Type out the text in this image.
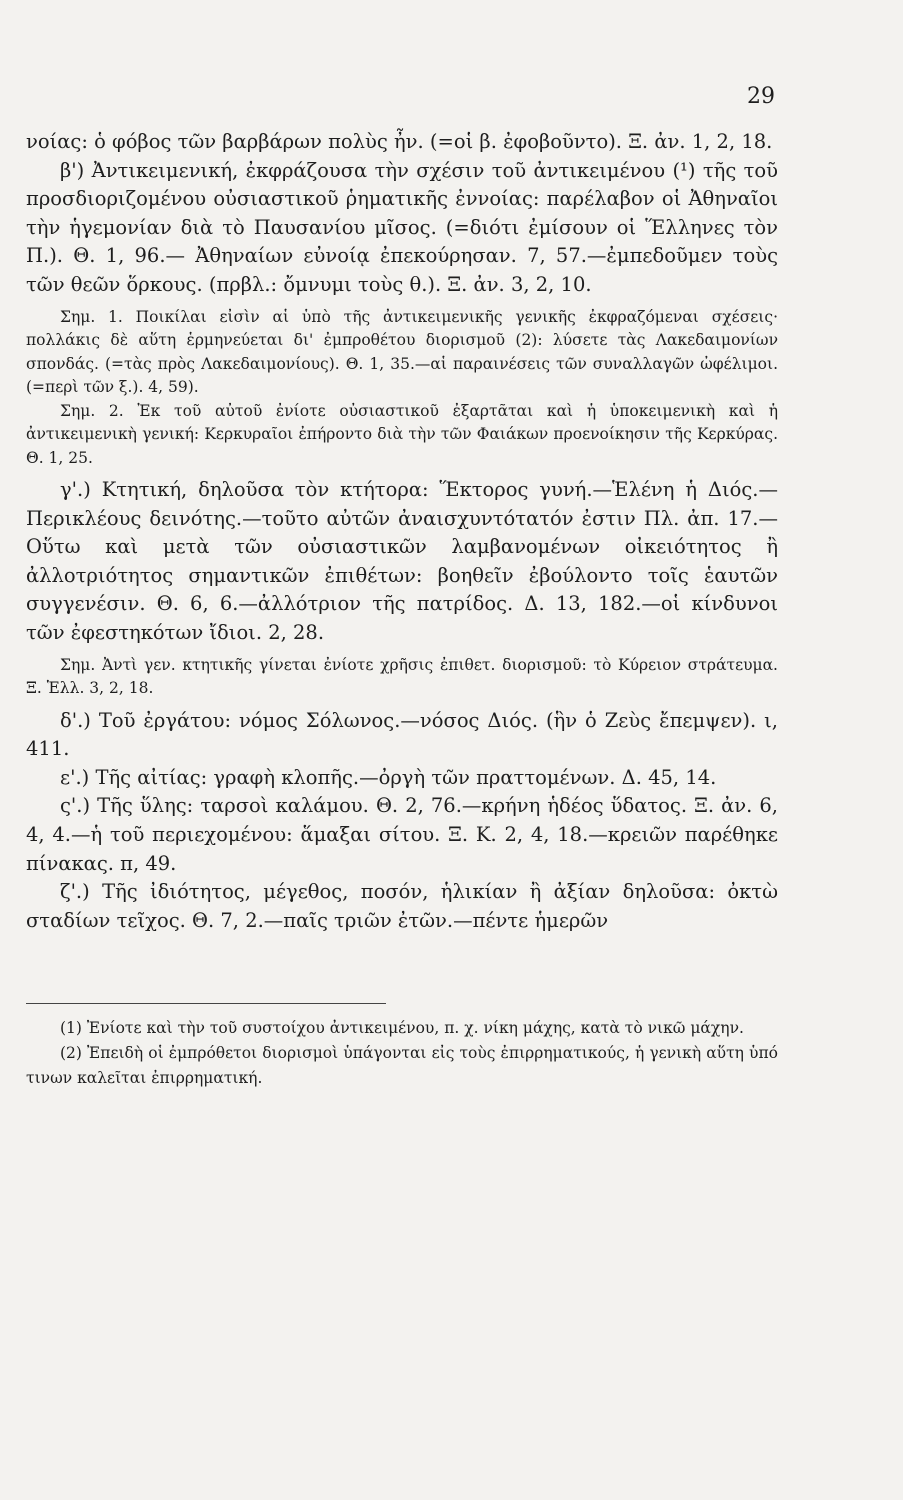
29

νοίας: ὁ φόβος τῶν βαρβάρων πολὺς ἦν. (=οἱ β. ἐφοβοῦντο). Ξ. ἀν. 1, 2, 18.

β') Ἀντικειμενική, ἐκφράζουσα τὴν σχέσιν τοῦ ἀντικειμένου (¹) τῆς τοῦ προσδιοριζομένου οὐσιαστικοῦ ῥηματικῆς ἐννοίας: παρέλαβον οἱ Ἀθηναῖοι τὴν ἡγεμονίαν διὰ τὸ Παυσανίου μῖσος. (=διότι ἐμίσουν οἱ Ἕλληνες τὸν Π.). Θ. 1, 96.— Ἀθηναίων εὐνοίᾳ ἐπεκούρησαν. 7, 57.—ἐμπεδοῦμεν τοὺς τῶν θεῶν ὅρκους. (πρβλ.: ὄμνυμι τοὺς θ.). Ξ. ἀν. 3, 2, 10.

Σημ. 1. Ποικίλαι εἰσὶν αἱ ὑπὸ τῆς ἀντικειμενικῆς γενικῆς ἐκφραζόμεναι σχέσεις· πολλάκις δὲ αὕτη ἑρμηνεύεται δι' ἐμπροθέτου διορισμοῦ (2): λύσετε τὰς Λακεδαιμονίων σπονδάς. (=τὰς πρὸς Λακεδαιμονίους). Θ. 1, 35.—αἱ παραινέσεις τῶν συναλλαγῶν ὠφέλιμοι. (=περὶ τῶν ξ.). 4, 59).

Σημ. 2. Ἐκ τοῦ αὐτοῦ ἐνίοτε οὐσιαστικοῦ ἐξαρτᾶται καὶ ἡ ὑποκειμενικὴ καὶ ἡ ἀντικειμενικὴ γενική: Κερκυραῖοι ἐπήροντο διὰ τὴν τῶν Φαιάκων προενοίκησιν τῆς Κερκύρας. Θ. 1, 25.

γ'.) Κτητική, δηλοῦσα τὸν κτήτορα: Ἕκτορος γυνή.—Ἑλένη ἡ Διός.— Περικλέους δεινότης.—τοῦτο αὐτῶν ἀναισχυντότατόν ἐστιν Πλ. ἀπ. 17.—Οὕτω καὶ μετὰ τῶν οὐσιαστικῶν λαμβανομένων οἰκειότητος ἢ ἀλλοτριότητος σημαντικῶν ἐπιθέτων: βοηθεῖν ἐβούλοντο τοῖς ἑαυτῶν συγγενέσιν. Θ. 6, 6.—ἀλλότριον τῆς πατρίδος. Δ. 13, 182.—οἱ κίνδυνοι τῶν ἐφεστηκότων ἴδιοι. 2, 28.

Σημ. Ἀντὶ γεν. κτητικῆς γίνεται ἐνίοτε χρῆσις ἐπιθετ. διορισμοῦ: τὸ Κύρειον στράτευμα. Ξ. Ἑλλ. 3, 2, 18.

δ'.) Τοῦ ἐργάτου: νόμος Σόλωνος.—νόσος Διός. (ἣν ὁ Ζεὺς ἔπεμψεν). ι, 411.

ε'.) Τῆς αἰτίας: γραφὴ κλοπῆς.—ὀργὴ τῶν πραττομένων. Δ. 45, 14.

ς'.) Τῆς ὕλης: ταρσοὶ καλάμου. Θ. 2, 76.—κρήνη ἡδέος ὕδατος. Ξ. ἀν. 6, 4, 4.—ἡ τοῦ περιεχομένου: ἅμαξαι σίτου. Ξ. Κ. 2, 4, 18.—κρειῶν παρέθηκε πίνακας. π, 49.

ζ'.) Τῆς ἰδιότητος, μέγεθος, ποσόν, ἡλικίαν ἢ ἀξίαν δηλοῦσα: ὀκτὼ σταδίων τεῖχος. Θ. 7, 2.—παῖς τριῶν ἐτῶν.—πέντε ἡμερῶν

(1) Ἐνίοτε καὶ τὴν τοῦ συστοίχου ἀντικειμένου, π. χ. νίκη μάχης, κατὰ τὸ νικῶ μάχην.

(2) Ἐπειδὴ οἱ ἐμπρόθετοι διορισμοὶ ὑπάγονται εἰς τοὺς ἐπιρρηματικούς, ἡ γενικὴ αὕτη ὑπό τινων καλεῖται ἐπιρρηματική.
